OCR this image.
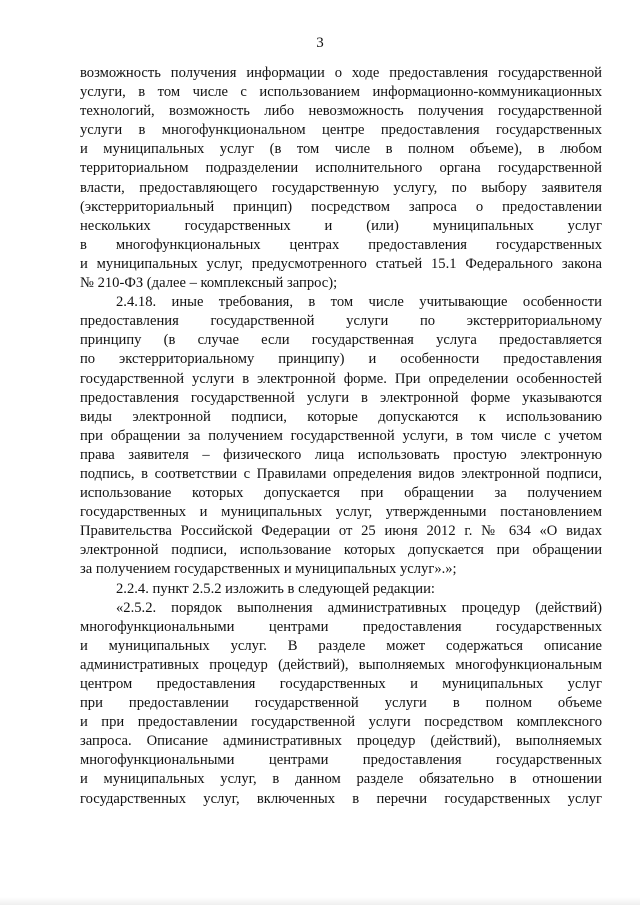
3
возможность получения информации о ходе предоставления государственной
услуги, в том числе с использованием информационно-коммуникационных
технологий, возможность либо невозможность получения государственной
услуги в многофункциональном центре предоставления государственных
и муниципальных услуг (в том числе в полном объеме), в любом
территориальном подразделении исполнительного органа государственной
власти, предоставляющего государственную услугу, по выбору заявителя
(экстерриториальный принцип) посредством запроса о предоставлении
нескольких государственных и (или) муниципальных услуг
в многофункциональных центрах предоставления государственных
и муниципальных услуг, предусмотренного статьей 15.1 Федерального закона
№ 210-ФЗ (далее – комплексный запрос);
2.4.18. иные требования, в том числе учитывающие особенности
предоставления государственной услуги по экстерриториальному
принципу (в случае если государственная услуга предоставляется
по экстерриториальному принципу) и особенности предоставления
государственной услуги в электронной форме. При определении особенностей
предоставления государственной услуги в электронной форме указываются
виды электронной подписи, которые допускаются к использованию
при обращении за получением государственной услуги, в том числе с учетом
права заявителя – физического лица использовать простую электронную
подпись, в соответствии с Правилами определения видов электронной подписи,
использование которых допускается при обращении за получением
государственных и муниципальных услуг, утвержденными постановлением
Правительства Российской Федерации от 25 июня 2012 г. № 634 «О видах
электронной подписи, использование которых допускается при обращении
за получением государственных и муниципальных услуг».»;
2.2.4. пункт 2.5.2 изложить в следующей редакции:
«2.5.2. порядок выполнения административных процедур (действий)
многофункциональными центрами предоставления государственных
и муниципальных услуг. В разделе может содержаться описание
административных процедур (действий), выполняемых многофункциональным
центром предоставления государственных и муниципальных услуг
при предоставлении государственной услуги в полном объеме
и при предоставлении государственной услуги посредством комплексного
запроса. Описание административных процедур (действий), выполняемых
многофункциональными центрами предоставления государственных
и муниципальных услуг, в данном разделе обязательно в отношении
государственных услуг, включенных в перечни государственных услуг
